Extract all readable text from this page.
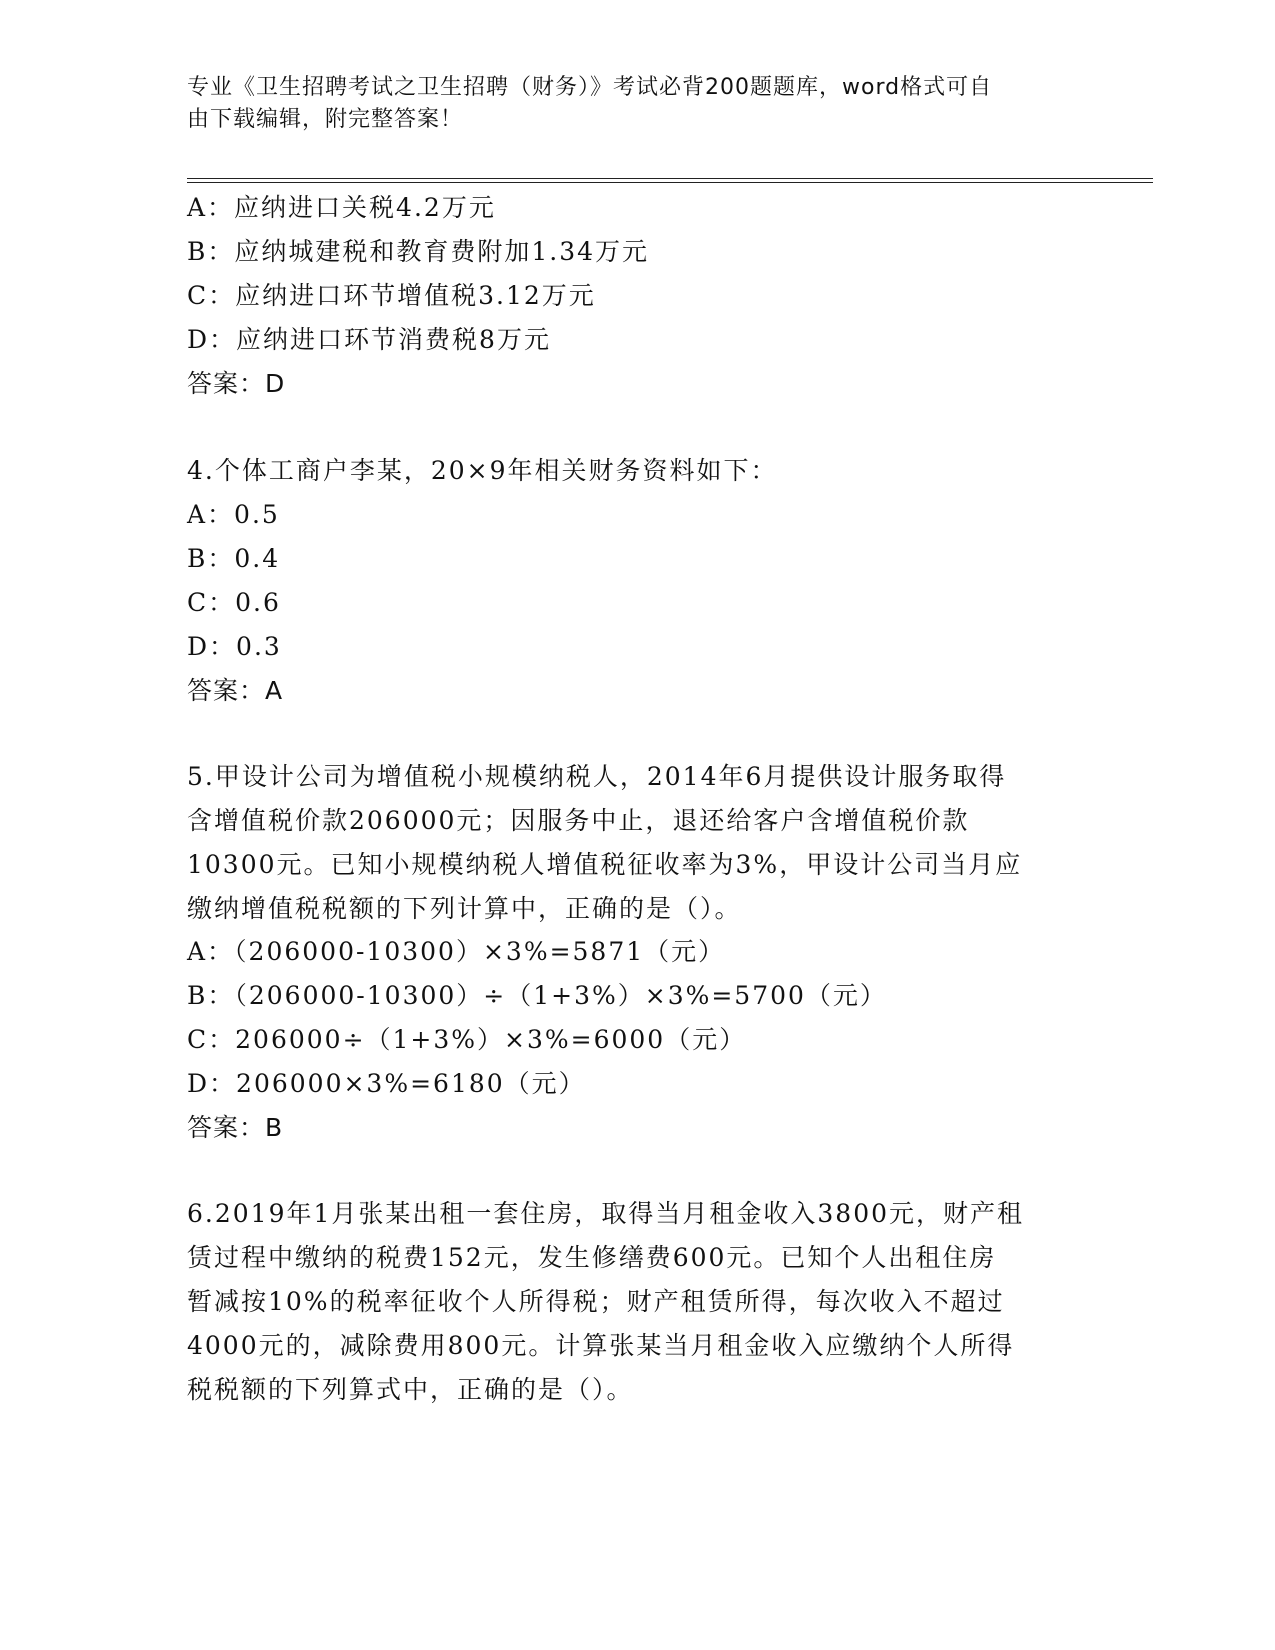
专业《卫生招聘考试之卫生招聘（财务）》考试必背200题题库，word格式可自
由下载编辑，附完整答案！
A：应纳进口关税4.2万元
B：应纳城建税和教育费附加1.34万元
C：应纳进口环节增值税3.12万元
D：应纳进口环节消费税8万元
答案：D
4.个体工商户李某，20×9年相关财务资料如下：
A：0.5
B：0.4
C：0.6
D：0.3
答案：A
5.甲设计公司为增值税小规模纳税人，2014年6月提供设计服务取得
含增值税价款206000元；因服务中止，退还给客户含增值税价款
10300元。已知小规模纳税人增值税征收率为3%，甲设计公司当月应
缴纳增值税税额的下列计算中，正确的是（）。
A：（206000-10300）×3%=5871（元）
B：（206000-10300）÷（1+3%）×3%=5700（元）
C：206000÷（1+3%）×3%=6000（元）
D：206000×3%=6180（元）
答案：B
6.2019年1月张某出租一套住房，取得当月租金收入3800元，财产租
赁过程中缴纳的税费152元，发生修缮费600元。已知个人出租住房
暂减按10%的税率征收个人所得税；财产租赁所得，每次收入不超过
4000元的，减除费用800元。计算张某当月租金收入应缴纳个人所得
税税额的下列算式中，正确的是（）。
